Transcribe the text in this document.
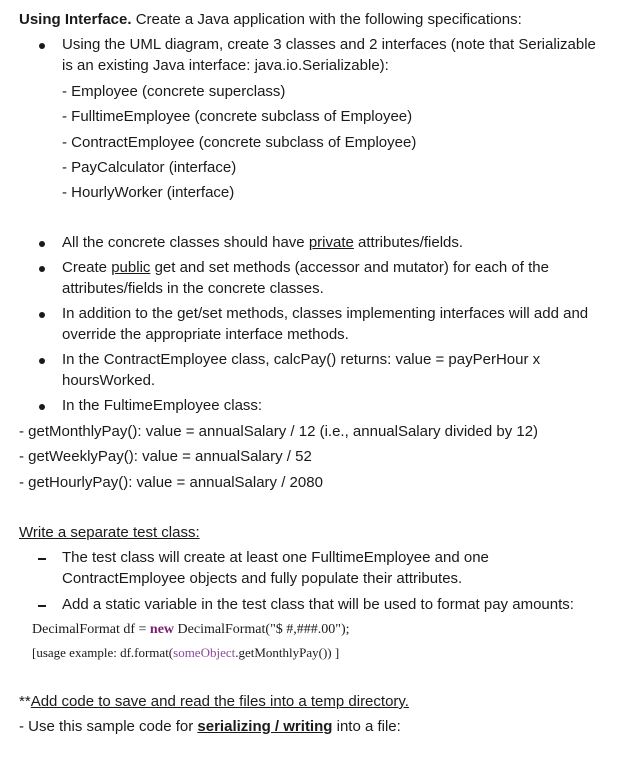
Using Interface. Create a Java application with the following specifications:
Using the UML diagram, create 3 classes and 2 interfaces (note that Serializable
is an existing Java interface: java.io.Serializable):
- Employee (concrete superclass)
- FulltimeEmployee (concrete subclass of Employee)
- ContractEmployee (concrete subclass of Employee)
- PayCalculator (interface)
- HourlyWorker (interface)
All the concrete classes should have private attributes/fields.
Create public get and set methods (accessor and mutator) for each of the
attributes/fields in the concrete classes.
In addition to the get/set methods, classes implementing interfaces will add and
override the appropriate interface methods.
In the ContractEmployee class, calcPay() returns: value = payPerHour x
hoursWorked.
In the FultimeEmployee class:
- getMonthlyPay(): value = annualSalary / 12 (i.e., annualSalary divided by 12)
- getWeeklyPay(): value = annualSalary / 52
- getHourlyPay(): value = annualSalary / 2080
Write a separate test class:
The test class will create at least one FulltimeEmployee and one
ContractEmployee objects and fully populate their attributes.
Add a static variable in the test class that will be used to format pay amounts:
DecimalFormat df = new DecimalFormat("$ #,###.00");
[usage example: df.format(someObject.getMonthlyPay()) ]
**Add code to save and read the files into a temp directory.
- Use this sample code for serializing / writing into a file:
